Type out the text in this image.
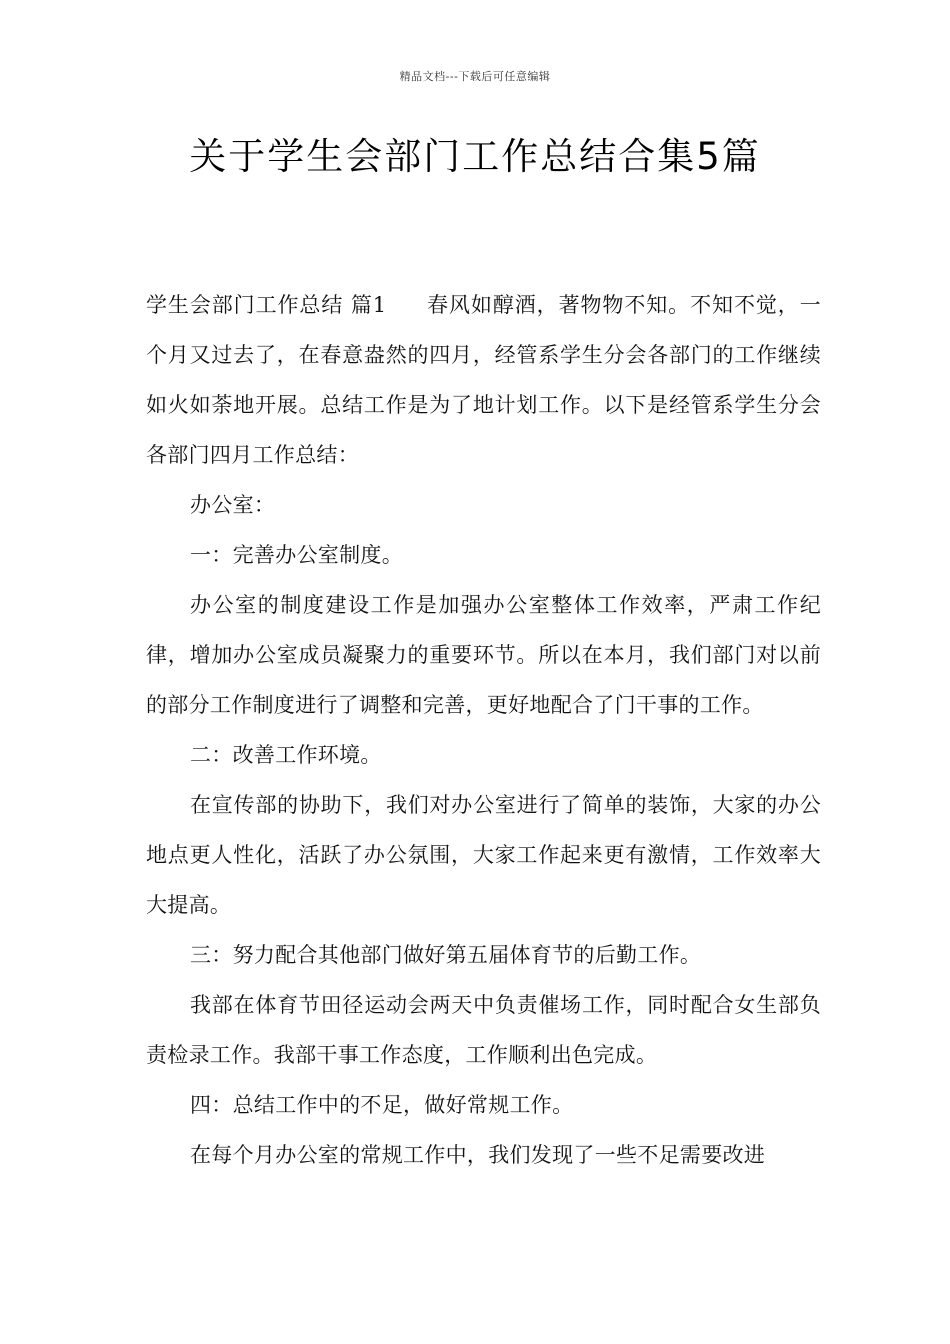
精品文档---下载后可任意编辑
关于学生会部门工作总结合集5篇

学生会部门工作总结 篇1 春风如醇酒，著物物不知。不知不觉，一个月又过去了，在春意盎然的四月，经管系学生分会各部门的工作继续如火如荼地开展。总结工作是为了地计划工作。以下是经管系学生分会各部门四月工作总结：

办公室：

一：完善办公室制度。

办公室的制度建设工作是加强办公室整体工作效率，严肃工作纪律，增加办公室成员凝聚力的重要环节。所以在本月，我们部门对以前的部分工作制度进行了调整和完善，更好地配合了门干事的工作。

二：改善工作环境。

在宣传部的协助下，我们对办公室进行了简单的装饰，大家的办公地点更人性化，活跃了办公氛围，大家工作起来更有激情，工作效率大大提高。

三：努力配合其他部门做好第五届体育节的后勤工作。

我部在体育节田径运动会两天中负责催场工作，同时配合女生部负责检录工作。我部干事工作态度，工作顺利出色完成。

四：总结工作中的不足，做好常规工作。

在每个月办公室的常规工作中，我们发现了一些不足需要改进
